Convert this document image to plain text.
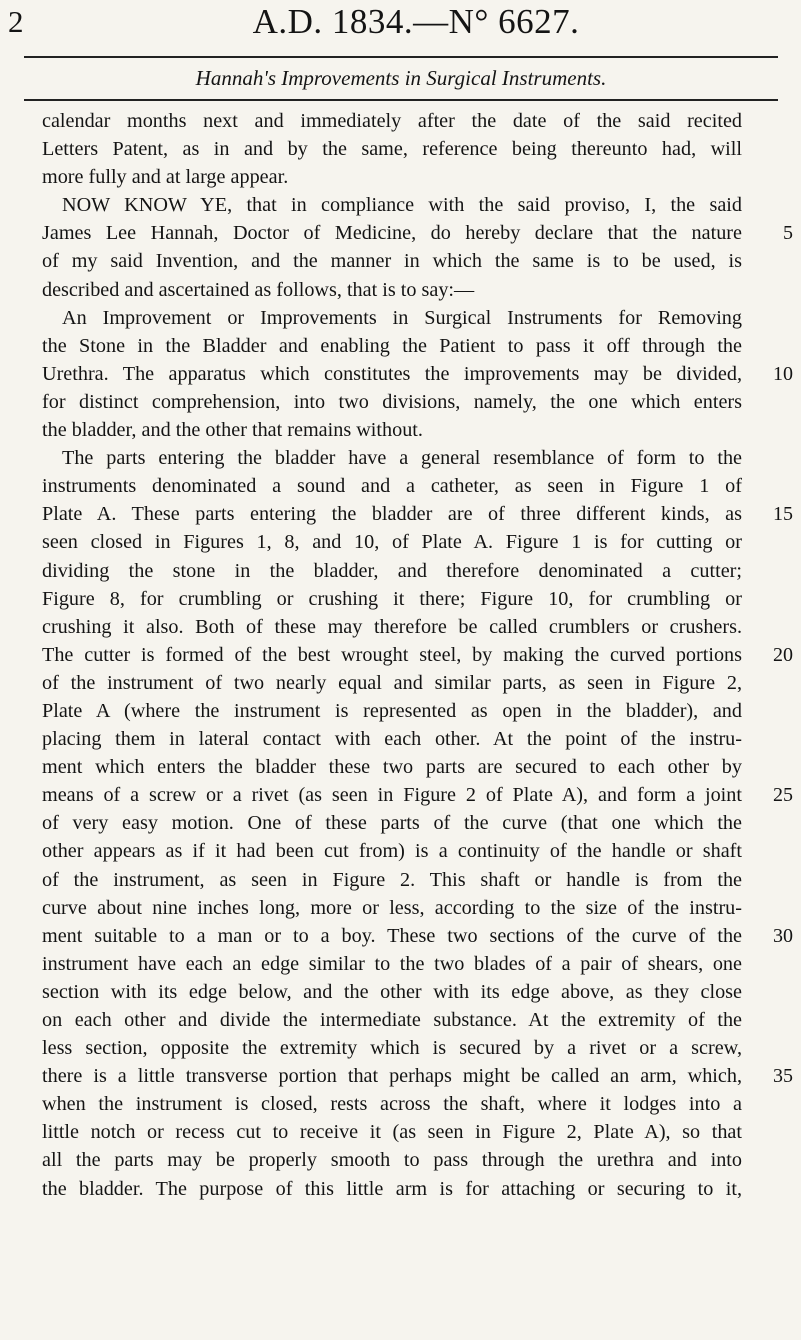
2	A.D. 1834.—N° 6627.
Hannah's Improvements in Surgical Instruments.
calendar months next and immediately after the date of the said recited
Letters Patent, as in and by the same, reference being thereunto had, will
more fully and at large appear.
NOW KNOW YE, that in compliance with the said proviso, I, the said
James Lee Hannah, Doctor of Medicine, do hereby declare that the nature
of my said Invention, and the manner in which the same is to be used, is
described and ascertained as follows, that is to say:—
An Improvement or Improvements in Surgical Instruments for Removing
the Stone in the Bladder and enabling the Patient to pass it off through the
Urethra. The apparatus which constitutes the improvements may be divided,
for distinct comprehension, into two divisions, namely, the one which enters
the bladder, and the other that remains without.
The parts entering the bladder have a general resemblance of form to the
instruments denominated a sound and a catheter, as seen in Figure 1 of
Plate A. These parts entering the bladder are of three different kinds, as
seen closed in Figures 1, 8, and 10, of Plate A. Figure 1 is for cutting or
dividing the stone in the bladder, and therefore denominated a cutter;
Figure 8, for crumbling or crushing it there; Figure 10, for crumbling or
crushing it also. Both of these may therefore be called crumblers or crushers.
The cutter is formed of the best wrought steel, by making the curved portions
of the instrument of two nearly equal and similar parts, as seen in Figure 2,
Plate A (where the instrument is represented as open in the bladder), and
placing them in lateral contact with each other. At the point of the instru-
ment which enters the bladder these two parts are secured to each other by
means of a screw or a rivet (as seen in Figure 2 of Plate A), and form a joint
of very easy motion. One of these parts of the curve (that one which the
other appears as if it had been cut from) is a continuity of the handle or shaft
of the instrument, as seen in Figure 2. This shaft or handle is from the
curve about nine inches long, more or less, according to the size of the instru-
ment suitable to a man or to a boy. These two sections of the curve of the
instrument have each an edge similar to the two blades of a pair of shears, one
section with its edge below, and the other with its edge above, as they close
on each other and divide the intermediate substance. At the extremity of the
less section, opposite the extremity which is secured by a rivet or a screw,
there is a little transverse portion that perhaps might be called an arm, which,
when the instrument is closed, rests across the shaft, where it lodges into a
little notch or recess cut to receive it (as seen in Figure 2, Plate A), so that
all the parts may be properly smooth to pass through the urethra and into
the bladder. The purpose of this little arm is for attaching or securing to it,
5
10
15
20
25
30
35
